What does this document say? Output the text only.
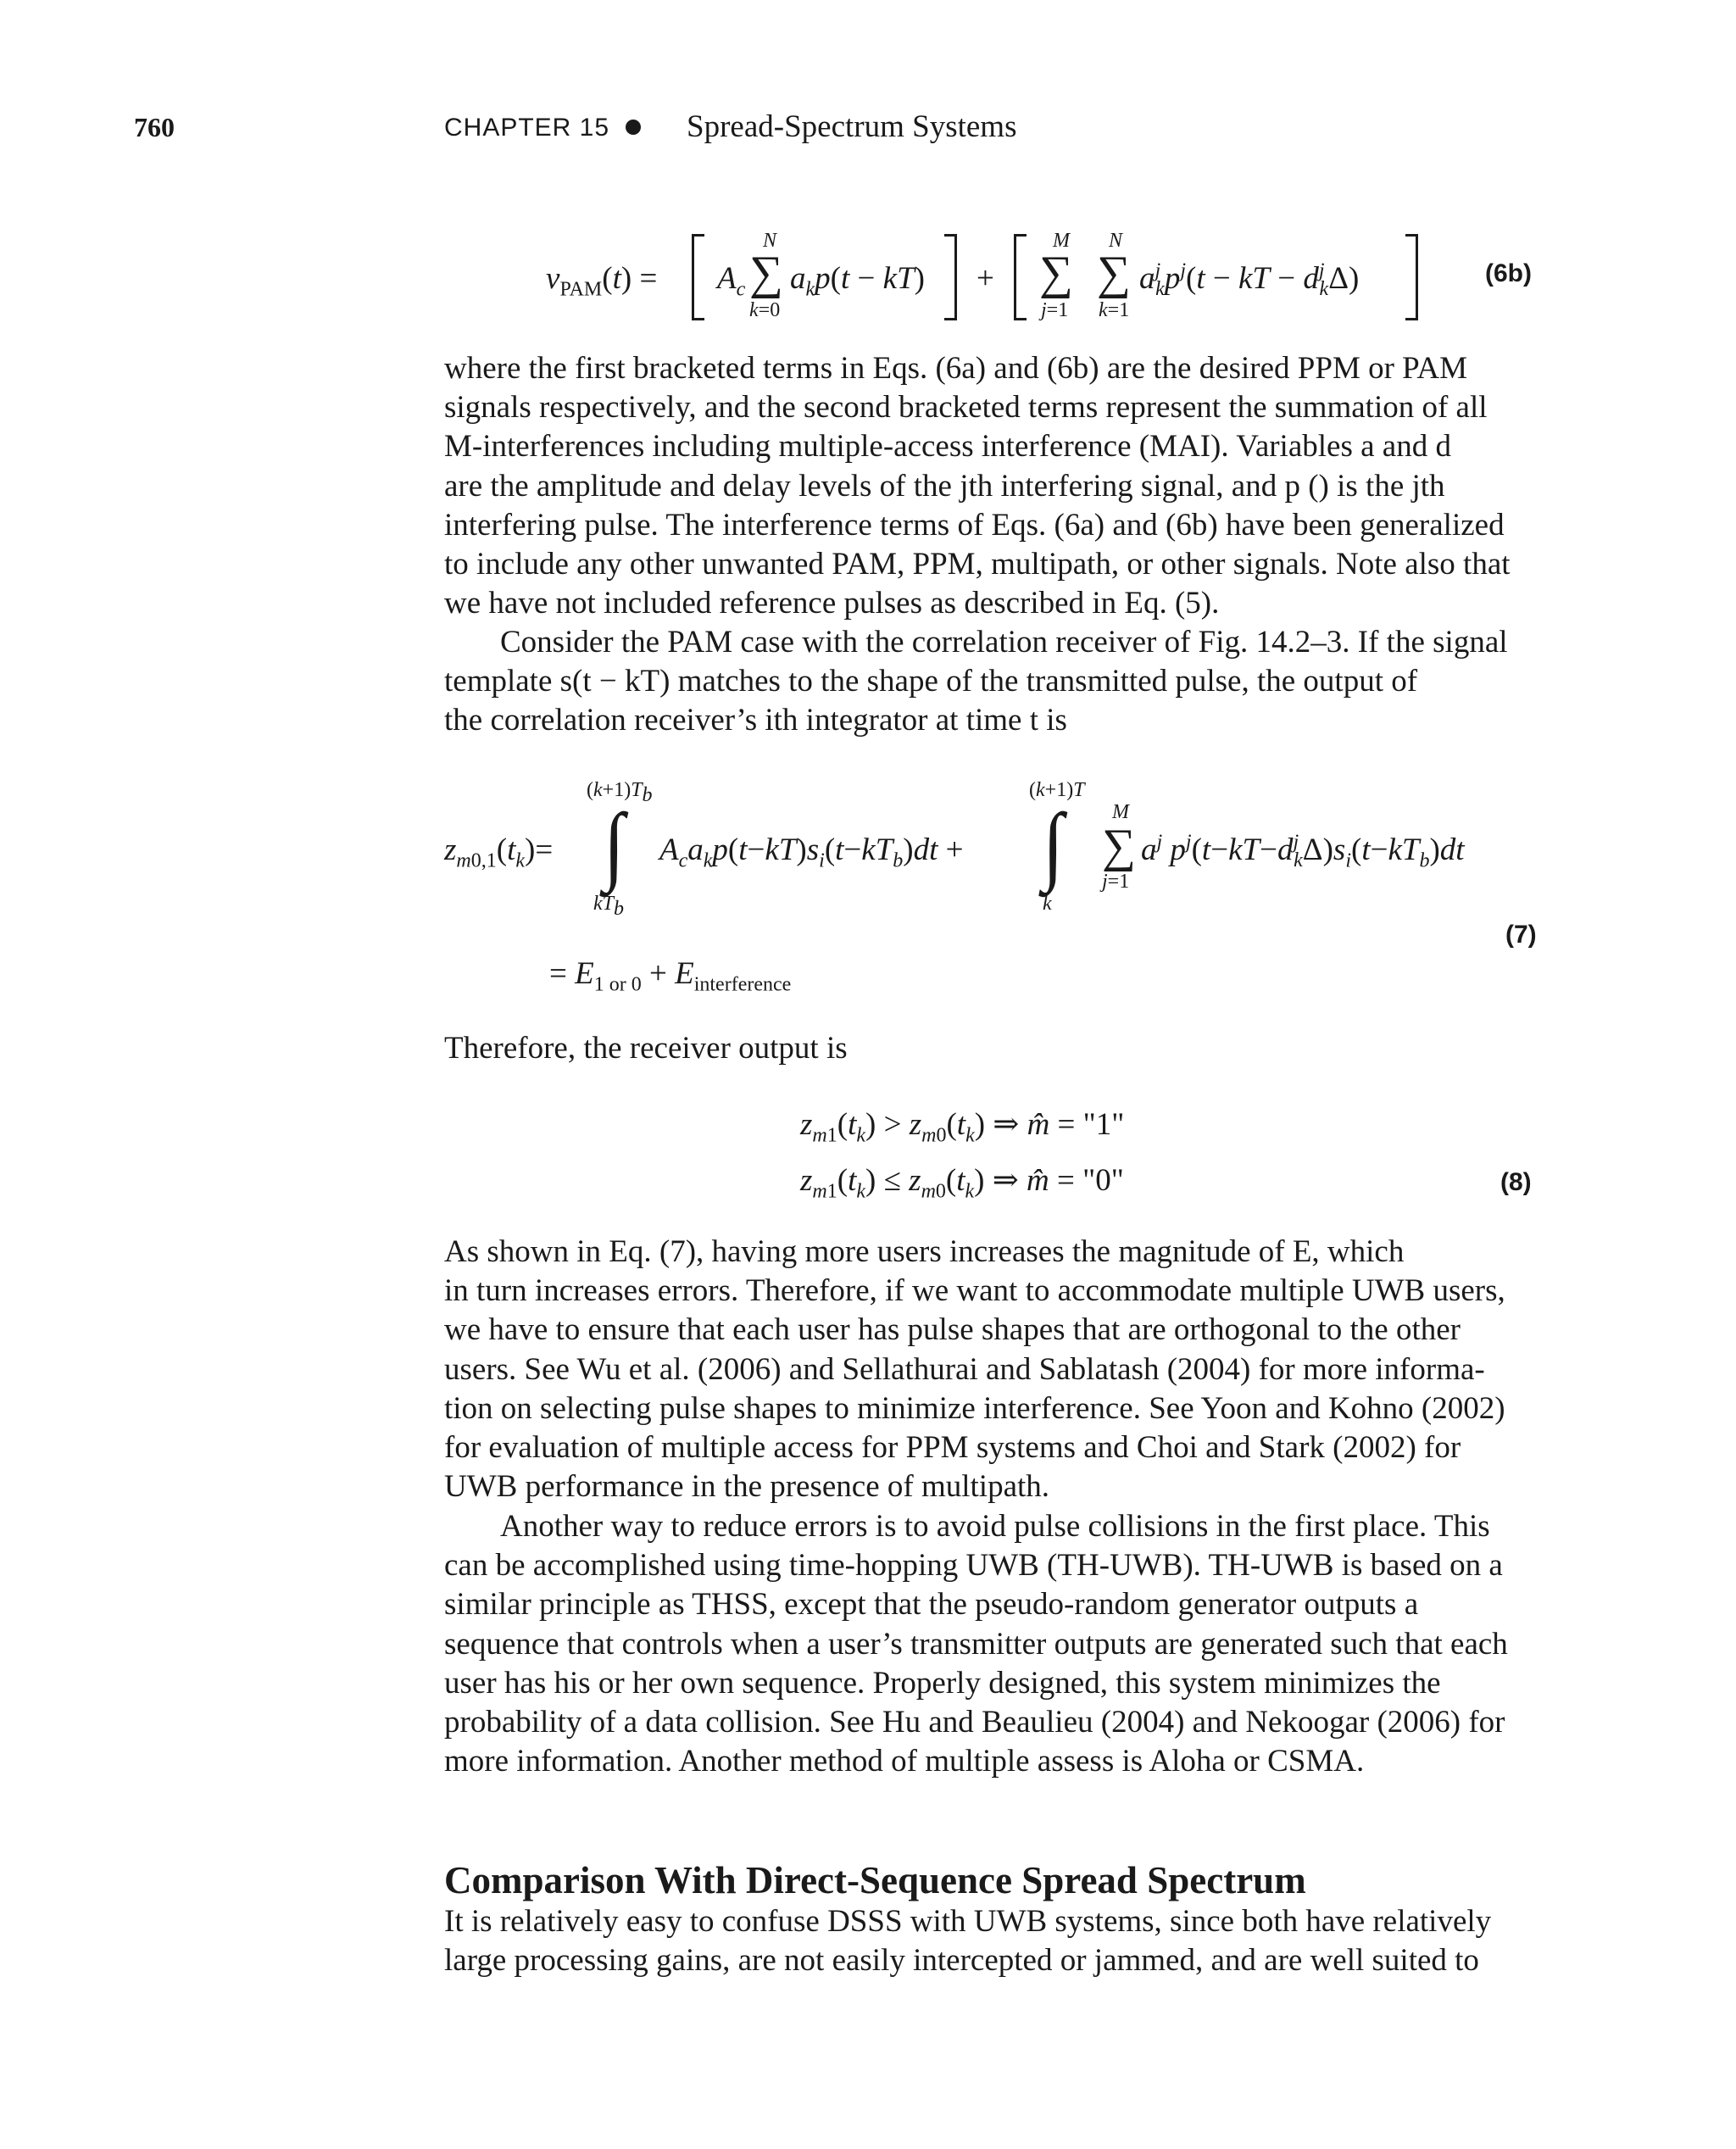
760	CHAPTER 15 Spread-Spectrum Systems
$v_{PAM}(t) = A_c$
N
∑
k=0
$a_kp(t - kT)$ +
M
∑
j=1
N
∑
k=1
$a^j_kp^j(t$ − kT − $d^j_k\Delta$)	(6b)
where the first bracketed terms in Eqs. (6a) and (6b) are the desired PPM or PAM
signals respectively, and the second bracketed terms represent the summation of all
M-interferences including multiple-access interference (MAI). Variables a and d
are the amplitude and delay levels of the jth interfering signal, and p () is the jth
interfering pulse. The interference terms of Eqs. (6a) and (6b) have been generalized
to include any other unwanted PAM, PPM, multipath, or other signals. Note also that
we have not included reference pulses as described in Eq. (5).
Consider the PAM case with the correlation receiver of Fig. 14.2–3. If the signal
template s(t − kT) matches to the shape of the transmitted pulse, the output of
the correlation receiver’s ith integrator at time t is
$z_{m0,1}(t_k)=$
$(k+1)T_b$
∫
$kT_b$
$A_ca_kp(t-kT)s_i(t-kT_b)dt$ +
(k+1)T
∫
k
M
∑
j=1
$a^j$ $p^j(t-kT-d^j_k\Delta)s_i(t-kT_b)dt$
= $E_{1 or 0} + E_{interference}$
(7)
Therefore, the receiver output is
$z_{m1}(t_k) > z_{m0}(t_k)$ ⇒ m̂ = "1"
$z_{m1}(t_k) \le z_{m0}(t_k)$ ⇒ m̂ = "0"	(8)
As shown in Eq. (7), having more users increases the magnitude of E, which
in turn increases errors. Therefore, if we want to accommodate multiple UWB users,
we have to ensure that each user has pulse shapes that are orthogonal to the other
users. See Wu et al. (2006) and Sellathurai and Sablatash (2004) for more informa-
tion on selecting pulse shapes to minimize interference. See Yoon and Kohno (2002)
for evaluation of multiple access for PPM systems and Choi and Stark (2002) for
UWB performance in the presence of multipath.
Another way to reduce errors is to avoid pulse collisions in the first place. This
can be accomplished using time-hopping UWB (TH-UWB). TH-UWB is based on a
similar principle as THSS, except that the pseudo-random generator outputs a
sequence that controls when a user’s transmitter outputs are generated such that each
user has his or her own sequence. Properly designed, this system minimizes the
probability of a data collision. See Hu and Beaulieu (2004) and Nekoogar (2006) for
more information. Another method of multiple assess is Aloha or CSMA.
Comparison With Direct-Sequence Spread Spectrum
It is relatively easy to confuse DSSS with UWB systems, since both have relatively
large processing gains, are not easily intercepted or jammed, and are well suited to
